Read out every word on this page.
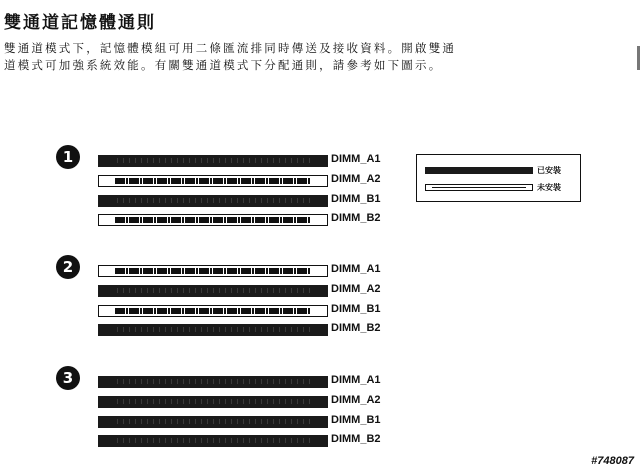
雙通道記憶體通則

雙通道模式下，記憶體模組可用二條匯流排同時傳送及接收資料。開啟雙通
道模式可加強系統效能。有關雙通道模式下分配通則，請參考如下圖示。

1	DIMM_A1
DIMM_A2
DIMM_B1
DIMM_B2
2	DIMM_A1
DIMM_A2
DIMM_B1
DIMM_B2
3	DIMM_A1
DIMM_A2
DIMM_B1
DIMM_B2
已安裝
未安裝
#748087
